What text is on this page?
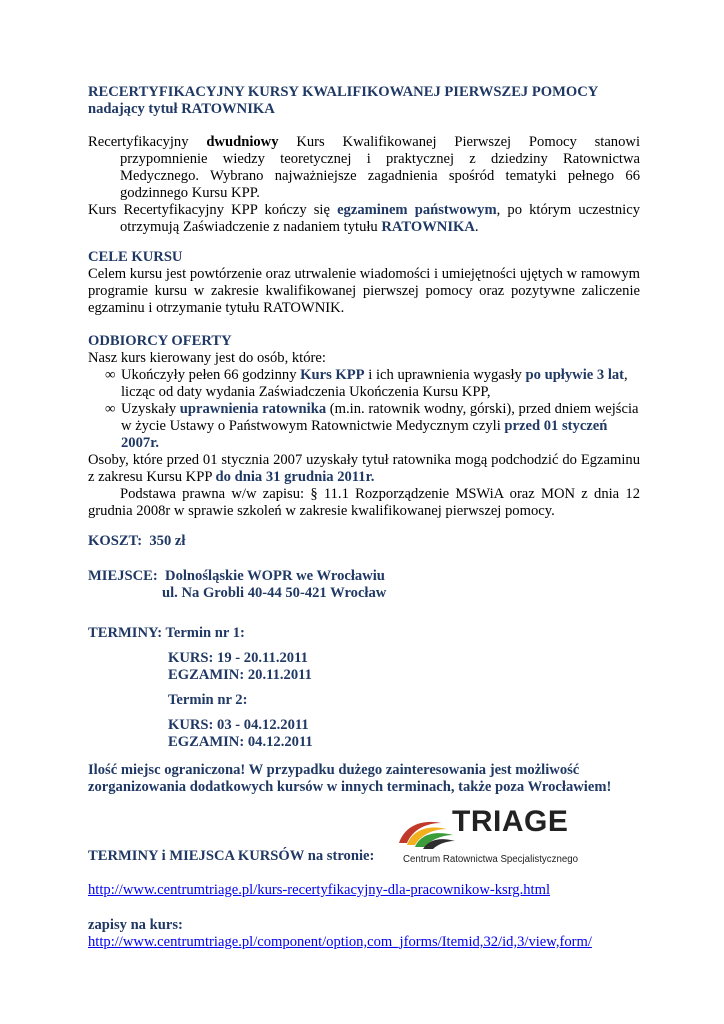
RECERTYFIKACYJNY KURSY KWALIFIKOWANEJ PIERWSZEJ POMOCY
nadający tytuł RATOWNIKA
Recertyfikacyjny dwudniowy Kurs Kwalifikowanej Pierwszej Pomocy stanowi przypomnienie wiedzy teoretycznej i praktycznej z dziedziny Ratownictwa Medycznego. Wybrano najważniejsze zagadnienia spośród tematyki pełnego 66 godzinnego Kursu KPP.
Kurs Recertyfikacyjny KPP kończy się egzaminem państwowym, po którym uczestnicy otrzymują Zaświadczenie z nadaniem tytułu RATOWNIKA.
CELE KURSU
Celem kursu jest powtórzenie oraz utrwalenie wiadomości i umiejętności ujętych w ramowym programie kursu w zakresie kwalifikowanej pierwszej pomocy oraz pozytywne zaliczenie egzaminu i otrzymanie tytułu RATOWNIK.
ODBIORCY OFERTY
Nasz kurs kierowany jest do osób, które:
∞ Ukończyły pełen 66 godzinny Kurs KPP i ich uprawnienia wygasły po upływie 3 lat, licząc od daty wydania Zaświadczenia Ukończenia Kursu KPP,
∞ Uzyskały uprawnienia ratownika (m.in. ratownik wodny, górski), przed dniem wejścia w życie Ustawy o Państwowym Ratownictwie Medycznym czyli przed 01 styczeń 2007r.
Osoby, które przed 01 stycznia 2007 uzyskały tytuł ratownika mogą podchodzić do Egzaminu z zakresu Kursu KPP do dnia 31 grudnia 2011r.
Podstawa prawna w/w zapisu: § 11.1 Rozporządzenie MSWiA oraz MON z dnia 12 grudnia 2008r w sprawie szkoleń w zakresie kwalifikowanej pierwszej pomocy.
KOSZT: 350 zł
MIEJSCE: Dolnośląskie WOPR we Wrocławiu
ul. Na Grobli 40-44 50-421 Wrocław
TERMINY: Termin nr 1:
KURS: 19 - 20.11.2011
EGZAMIN: 20.11.2011
Termin nr 2:
KURS: 03 - 04.12.2011
EGZAMIN: 04.12.2011
Ilość miejsc ograniczona! W przypadku dużego zainteresowania jest możliwość zorganizowania dodatkowych kursów w innych terminach, także poza Wrocławiem!
TRIAGE
Centrum Ratownictwa Specjalistycznego
TERMINY i MIEJSCA KURSÓW na stronie:
http://www.centrumtriage.pl/kurs-recertyfikacyjny-dla-pracownikow-ksrg.html
zapisy na kurs:
http://www.centrumtriage.pl/component/option,com_jforms/Itemid,32/id,3/view,form/
